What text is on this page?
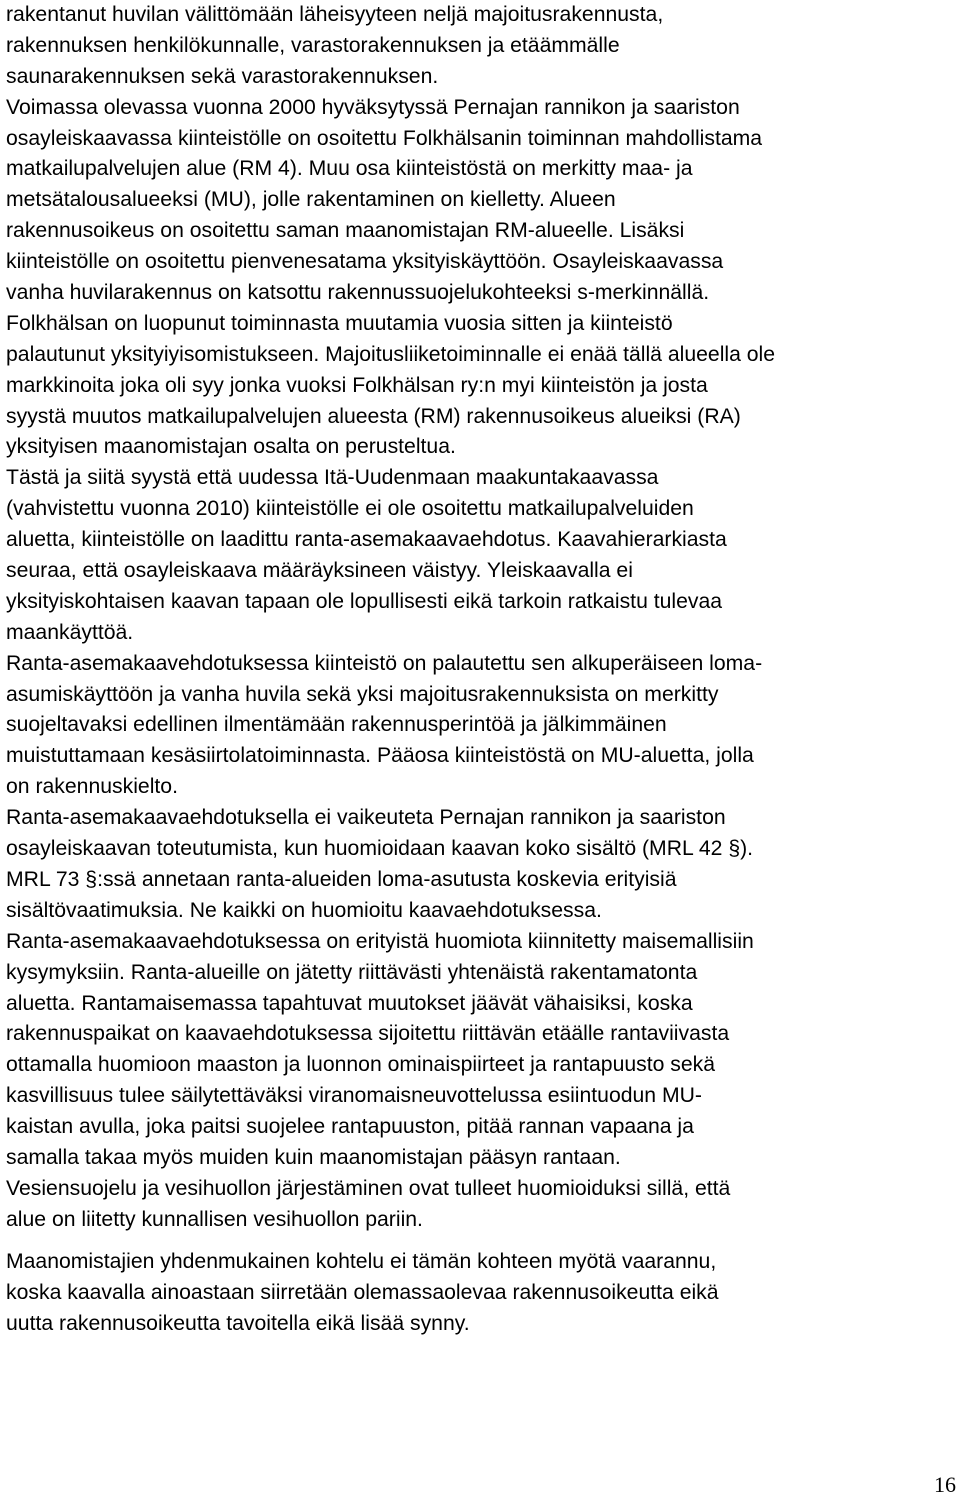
rakentanut huvilan välittömään läheisyyteen neljä majoitusrakennusta,
rakennuksen henkilökunnalle, varastorakennuksen ja etäämmälle
saunarakennuksen sekä varastorakennuksen.
Voimassa olevassa vuonna 2000 hyväksytyssä Pernajan rannikon ja saariston
osayleiskaavassa kiinteistölle on osoitettu Folkhälsanin toiminnan mahdollistama
matkailupalvelujen alue (RM 4). Muu osa kiinteistöstä on merkitty maa- ja
metsätalousalueeksi (MU), jolle rakentaminen on kielletty. Alueen
rakennusoikeus on osoitettu saman maanomistajan RM-alueelle. Lisäksi
kiinteistölle on osoitettu pienvenesatama yksityiskäyttöön. Osayleiskaavassa
vanha huvilarakennus on katsottu rakennussuojelukohteeksi s-merkinnällä.
Folkhälsan on luopunut toiminnasta muutamia vuosia sitten ja kiinteistö
palautunut yksityiyisomistukseen. Majoitusliiketoiminnalle ei enää tällä alueella ole
markkinoita joka oli syy jonka vuoksi Folkhälsan ry:n myi kiinteistön ja josta
syystä muutos matkailupalvelujen alueesta (RM) rakennusoikeus alueiksi (RA)
yksityisen maanomistajan osalta on perusteltua.
Tästä ja siitä syystä että uudessa Itä-Uudenmaan maakuntakaavassa
(vahvistettu vuonna 2010) kiinteistölle ei ole osoitettu matkailupalveluiden
aluetta, kiinteistölle on laadittu ranta-asemakaavaehdotus. Kaavahierarkiasta
seuraa, että osayleiskaava määräyksineen väistyy. Yleiskaavalla ei
yksityiskohtaisen kaavan tapaan ole lopullisesti eikä tarkoin ratkaistu tulevaa
maankäyttöä.
Ranta-asemakaavehdotuksessa kiinteistö on palautettu sen alkuperäiseen loma-
asumiskäyttöön ja vanha huvila sekä yksi majoitusrakennuksista on merkitty
suojeltavaksi edellinen ilmentämään rakennusperintöä ja jälkimmäinen
muistuttamaan kesäsiirtolatoiminnasta. Pääosa kiinteistöstä on MU-aluetta, jolla
on rakennuskielto.
Ranta-asemakaavaehdotuksella ei vaikeuteta Pernajan rannikon ja saariston
osayleiskaavan toteutumista, kun huomioidaan kaavan koko sisältö (MRL 42 §).
MRL 73 §:ssä annetaan ranta-alueiden loma-asutusta koskevia erityisiä
sisältövaatimuksia. Ne kaikki on huomioitu kaavaehdotuksessa.
Ranta-asemakaavaehdotuksessa on erityistä huomiota kiinnitetty maisemallisiin
kysymyksiin. Ranta-alueille on jätetty riittävästi yhtenäistä rakentamatonta
aluetta. Rantamaisemassa tapahtuvat muutokset jäävät vähaisiksi, koska
rakennuspaikat on kaavaehdotuksessa sijoitettu riittävän etäälle rantaviivasta
ottamalla huomioon maaston ja luonnon ominaispiirteet ja rantapuusto sekä
kasvillisuus tulee säilytettäväksi viranomaisneuvottelussa esiintuodun MU-
kaistan avulla, joka paitsi suojelee rantapuuston, pitää rannan vapaana ja
samalla takaa myös muiden kuin maanomistajan pääsyn rantaan.
Vesiensuojelu ja vesihuollon järjestäminen ovat tulleet huomioiduksi sillä, että
alue on liitetty kunnallisen vesihuollon pariin.
Maanomistajien yhdenmukainen kohtelu ei tämän kohteen myötä vaarannu,
koska kaavalla ainoastaan siirretään olemassaolevaa rakennusoikeutta eikä
uutta rakennusoikeutta tavoitella eikä lisää synny.
16
